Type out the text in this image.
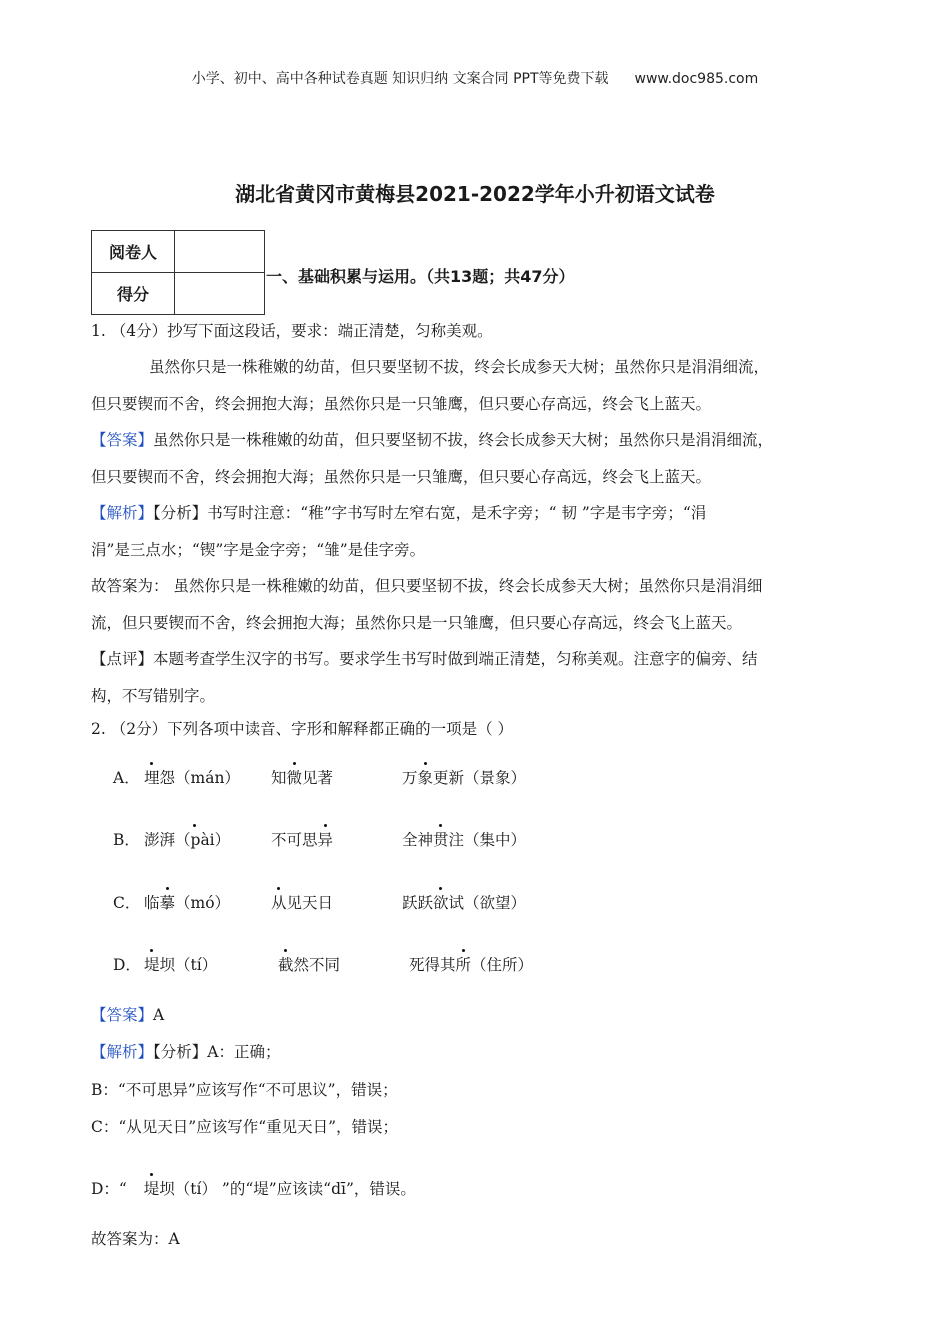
小学、初中、高中各种试卷真题 知识归纳 文案合同 PPT等免费下载 www.doc985.com
湖北省黄冈市黄梅县2021-2022学年小升初语文试卷
阅卷人	
得分	
一、基础积累与运用。（共13题；共47分）
1. （4分）抄写下面这段话，要求：端正清楚，匀称美观。
虽然你只是一株稚嫩的幼苗，但只要坚韧不拔，终会长成参天大树；虽然你只是涓涓细流，
但只要锲而不舍，终会拥抱大海；虽然你只是一只雏鹰，但只要心存高远，终会飞上蓝天。
【答案】虽然你只是一株稚嫩的幼苗，但只要坚韧不拔，终会长成参天大树；虽然你只是涓涓细流，
但只要锲而不舍，终会拥抱大海；虽然你只是一只雏鹰，但只要心存高远，终会飞上蓝天。
【解析】【分析】书写时注意：“稚”字书写时左窄右宽，是禾字旁；“ 韧 ”字是韦字旁；“涓
涓”是三点水；“锲”字是金字旁；“雏”是佳字旁。
故答案为： 虽然你只是一株稚嫩的幼苗，但只要坚韧不拔，终会长成参天大树；虽然你只是涓涓细
流，但只要锲而不舍，终会拥抱大海；虽然你只是一只雏鹰，但只要心存高远，终会飞上蓝天。
【点评】本题考查学生汉字的书写。要求学生书写时做到端正清楚，匀称美观。注意字的偏旁、结
构，不写错别字。
2. （2分）下列各项中读音、字形和解释都正确的一项是（ ）
A． 埋怨（mán） 知微见著	万象更新（景象）
B． 澎湃（pài）	不可思异	全神贯注（集中）
C． 临摹（mó）	从见天日	跃跃欲试（欲望）
D． 堤坝（tí）	截然不同	死得其所（住所）
【答案】A
【解析】【分析】A：正确；
B：“不可思异”应该写作“不可思议”，错误；
C：“从见天日”应该写作“重见天日”，错误；
D：“ 堤坝（tí） ”的“堤”应该读“dī”，错误。
故答案为：A
